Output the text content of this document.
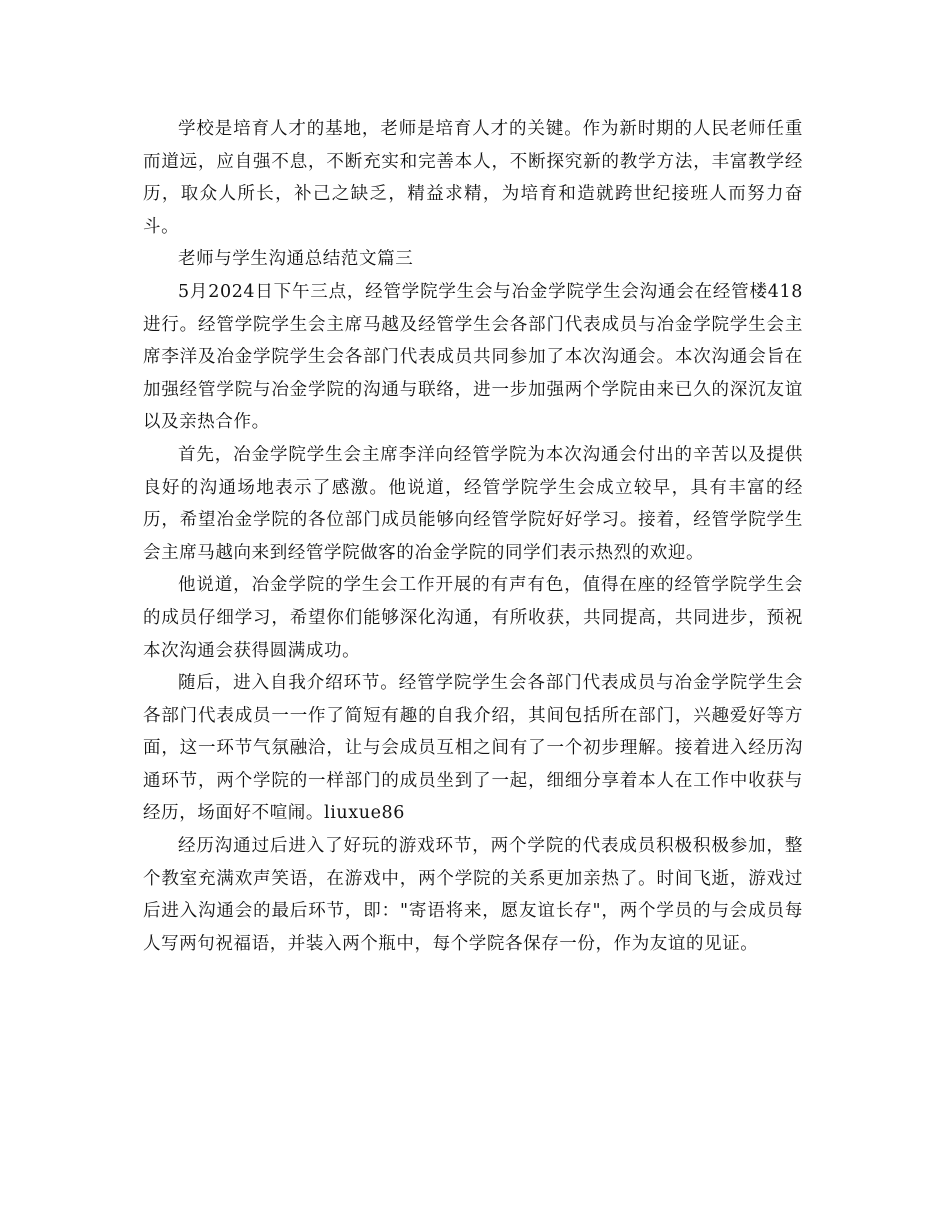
学校是培育人才的基地，老师是培育人才的关键。作为新时期的人民老师任重而道远，应自强不息，不断充实和完善本人，不断探究新的教学方法，丰富教学经历，取众人所长，补己之缺乏，精益求精，为培育和造就跨世纪接班人而努力奋斗。

老师与学生沟通总结范文篇三

5月2024日下午三点，经管学院学生会与冶金学院学生会沟通会在经管楼418进行。经管学院学生会主席马越及经管学生会各部门代表成员与冶金学院学生会主席李洋及冶金学院学生会各部门代表成员共同参加了本次沟通会。本次沟通会旨在加强经管学院与冶金学院的沟通与联络，进一步加强两个学院由来已久的深沉友谊以及亲热合作。

首先，冶金学院学生会主席李洋向经管学院为本次沟通会付出的辛苦以及提供良好的沟通场地表示了感激。他说道，经管学院学生会成立较早，具有丰富的经历，希望冶金学院的各位部门成员能够向经管学院好好学习。接着，经管学院学生会主席马越向来到经管学院做客的冶金学院的同学们表示热烈的欢迎。

他说道，冶金学院的学生会工作开展的有声有色，值得在座的经管学院学生会的成员仔细学习，希望你们能够深化沟通，有所收获，共同提高，共同进步，预祝本次沟通会获得圆满成功。

随后，进入自我介绍环节。经管学院学生会各部门代表成员与冶金学院学生会各部门代表成员一一作了简短有趣的自我介绍，其间包括所在部门，兴趣爱好等方面，这一环节气氛融洽，让与会成员互相之间有了一个初步理解。接着进入经历沟通环节，两个学院的一样部门的成员坐到了一起，细细分享着本人在工作中收获与经历，场面好不喧闹。liuxue86

经历沟通过后进入了好玩的游戏环节，两个学院的代表成员积极积极参加，整个教室充满欢声笑语，在游戏中，两个学院的关系更加亲热了。时间飞逝，游戏过后进入沟通会的最后环节，即："寄语将来，愿友谊长存"，两个学员的与会成员每人写两句祝福语，并装入两个瓶中，每个学院各保存一份，作为友谊的见证。
